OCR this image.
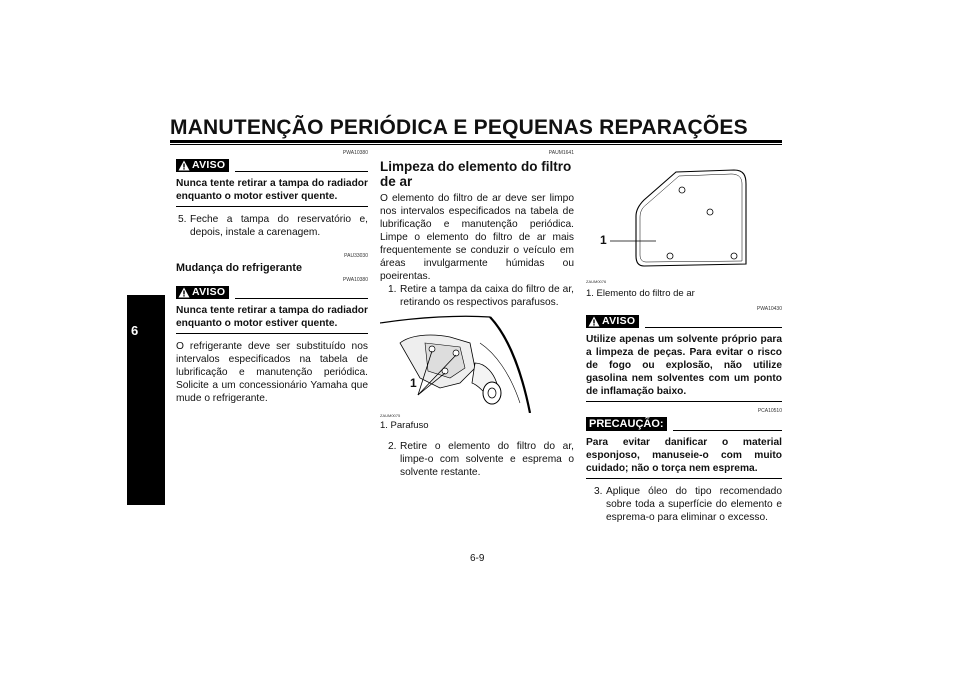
MANUTENÇÃO PERIÓDICA E PEQUENAS REPARAÇÕES
6
PWA10380
AVISO
Nunca tente retirar a tampa do radiador enquanto o motor estiver quente.
5. Feche a tampa do reservatório e, depois, instale a carenagem.
PAU33030
Mudança do refrigerante
PWA10380
AVISO
Nunca tente retirar a tampa do radiador enquanto o motor estiver quente.
O refrigerante deve ser substituído nos intervalos especificados na tabela de lubrificação e manutenção periódica. Solicite a um concessionário Yamaha que mude o refrigerante.
PAUM1641
Limpeza do elemento do filtro de ar
O elemento do filtro de ar deve ser limpo nos intervalos especificados na tabela de lubrificação e manutenção periódica. Limpe o elemento do filtro de ar mais frequentemente se conduzir o veículo em áreas invulgarmente húmidas ou poeirentas.
1. Retire a tampa da caixa do filtro de ar, retirando os respectivos parafusos.
1
ZAUM0075
1. Parafuso
2. Retire o elemento do filtro do ar, limpe-o com solvente e esprema o solvente restante.
1
ZAUM0076
1. Elemento do filtro de ar
PWA10430
AVISO
Utilize apenas um solvente próprio para a limpeza de peças. Para evitar o risco de fogo ou explosão, não utilize gasolina nem solventes com um ponto de inflamação baixo.
PCA10510
PRECAUÇÃO:
Para evitar danificar o material esponjoso, manuseie-o com muito cuidado; não o torça nem esprema.
3. Aplique óleo do tipo recomendado sobre toda a superfície do elemento e esprema-o para eliminar o excesso.
6-9
